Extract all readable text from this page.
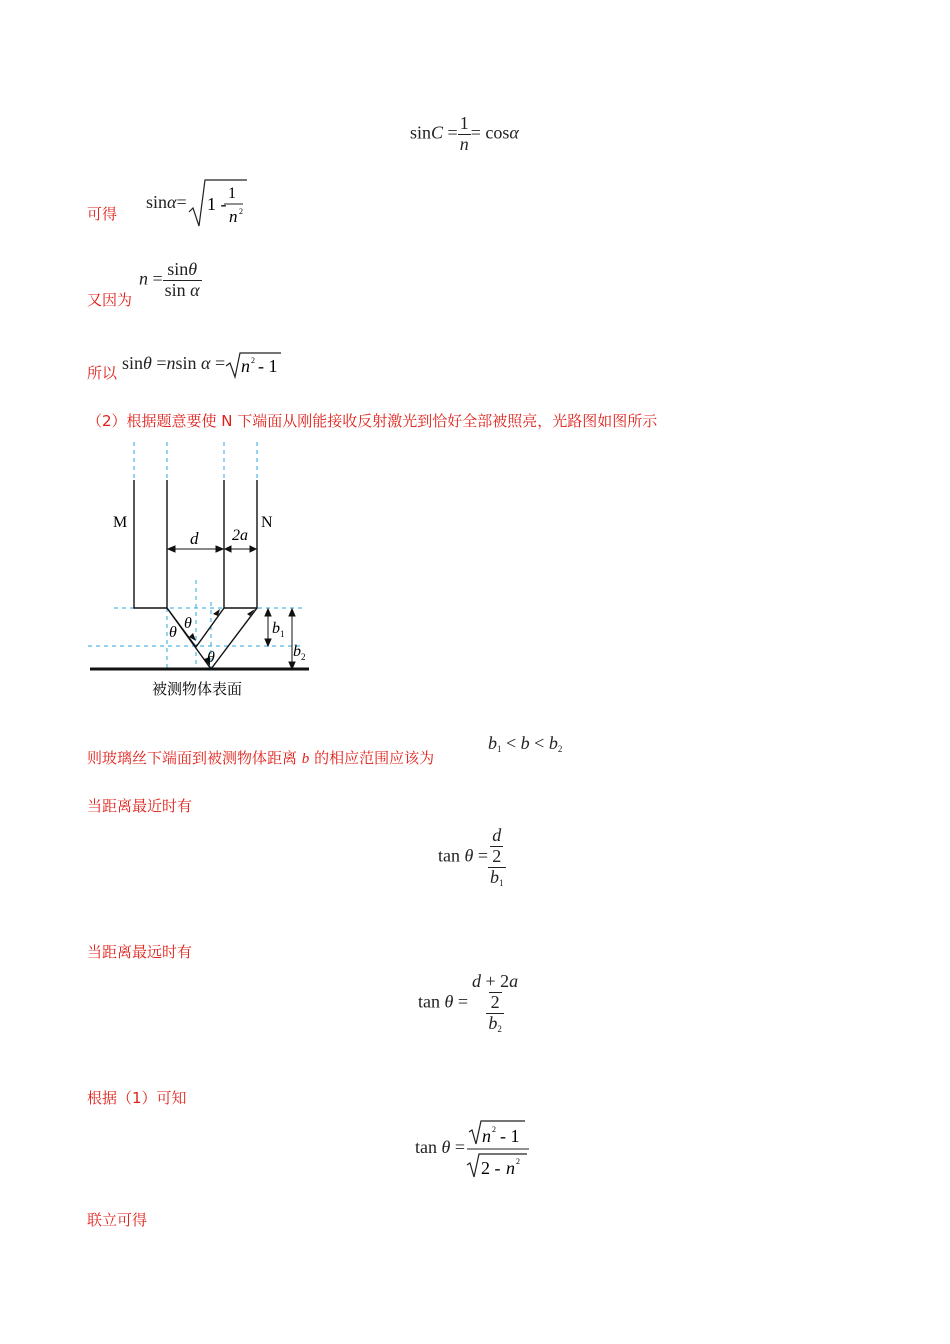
$\sin C = \frac{1}{n} = \cos\alpha$
可得
sinα= 1 -
1
n 2
又因为
$n = \frac{\sin\theta}{\text{sin α}}$
所以 sinθ =nsin α = n 2 - 1
（2）根据题意要使 N 下端面从刚能接收反射激光到恰好全部被照亮，光路图如图所示
M	N
d 2a
$b_1$
$b_2$
θ
θ
θ
被测物体表面
则玻璃丝下端面到被测物体距离 b 的相应范围应该为
$b_1 < b < b_2$
当距离最近时有
$\tan \theta = \frac{\frac{d}{2}}{b_1}$
当距离最远时有
$\tan \theta = \frac{\frac{d + 2a}{2}}{b_2}$
根据（1）可知
tan θ =
n 2 - 1
2 - n 2
联立可得
